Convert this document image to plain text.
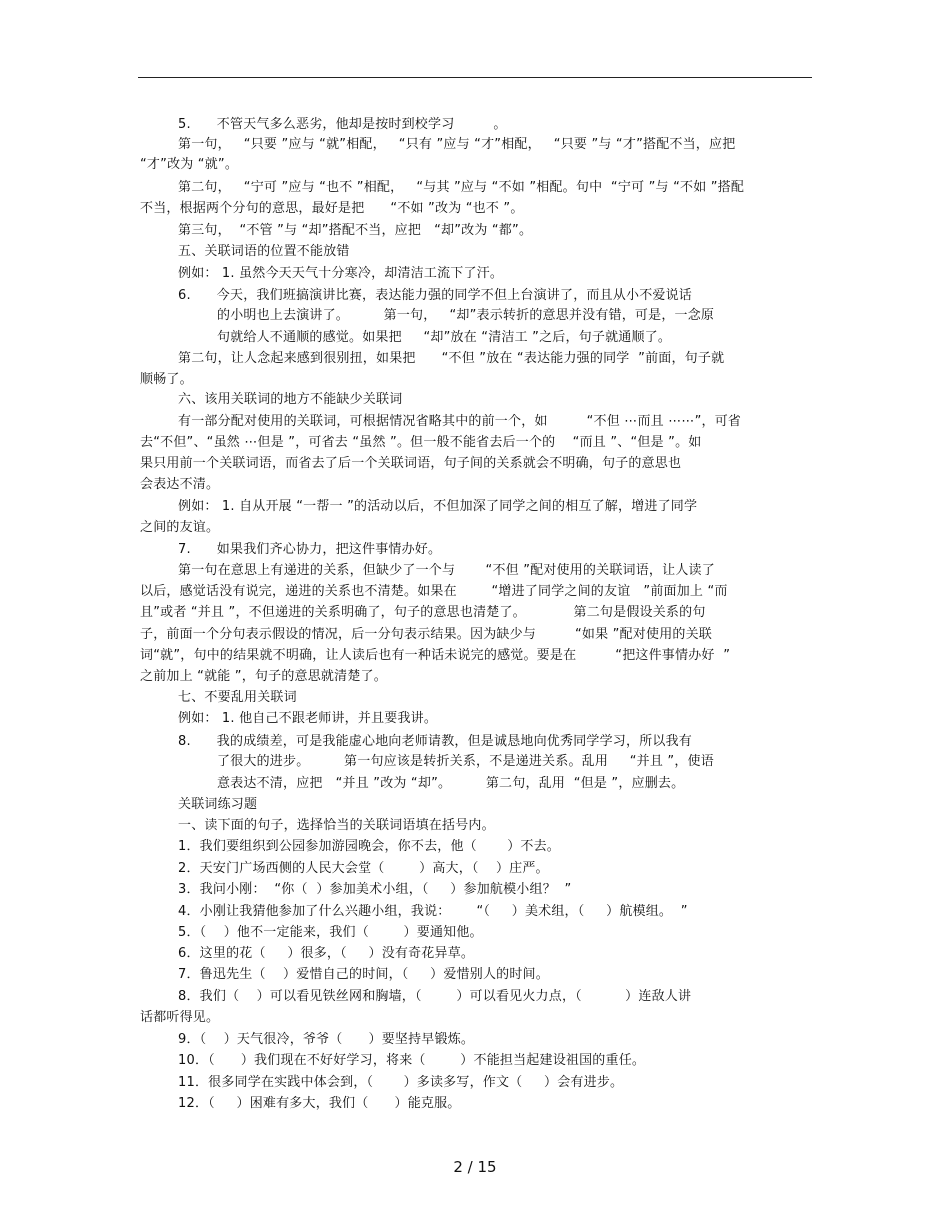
5.      不管天气多么恶劣，他却是按时到校学习         。
第一句，   “只要 ”应与 “就”相配，   “只有 ”应与 “才”相配，   “只要 ”与 “才”搭配不当，应把
“才”改为 “就”。
第二句，   “宁可 ”应与 “也不 ”相配，   “与其 ”应与 “不如 ”相配。句中  “宁可 ”与 “不如 ”搭配
不当，根据两个分句的意思，最好是把      “不如 ”改为 “也不 ”。
第三句，  “不管 ”与 “却”搭配不当，应把   “却”改为 “都”。
五、关联词语的位置不能放错
例如： 1. 虽然今天天气十分寒冷，却清洁工流下了汗。
6.      今天，我们班搞演讲比赛，表达能力强的同学不但上台演讲了，而且从小不爱说话
的小明也上去演讲了。        第一句，   “却”表示转折的意思并没有错，可是，一念原
句就给人不通顺的感觉。如果把     “却”放在 “清洁工 ”之后，句子就通顺了。
第二句，让人念起来感到很别扭，如果把      “不但 ”放在 “表达能力强的同学  ”前面，句子就
顺畅了。
六、该用关联词的地方不能缺少关联词
有一部分配对使用的关联词，可根据情况省略其中的前一个，如         “不但 ⋯而且 ⋯⋯”，可省
去“不但”、“虽然 ⋯但是 ”，可省去 “虽然 ”。但一般不能省去后一个的    “而且 ”、“但是 ”。如
果只用前一个关联词语，而省去了后一个关联词语，句子间的关系就会不明确，句子的意思也
会表达不清。
例如： 1. 自从开展 “一帮一 ”的活动以后，不但加深了同学之间的相互了解，增进了同学
之间的友谊。
7.      如果我们齐心协力，把这件事情办好。
第一句在意思上有递进的关系，但缺少了一个与       “不但 ”配对使用的关联词语，让人读了
以后，感觉话没有说完，递进的关系也不清楚。如果在        “增进了同学之间的友谊   ”前面加上 “而
且”或者 “并且 ”，不但递进的关系明确了，句子的意思也清楚了。           第二句是假设关系的句
子，前面一个分句表示假设的情况，后一分句表示结果。因为缺少与         “如果 ”配对使用的关联
词“就”，句中的结果就不明确，让人读后也有一种话未说完的感觉。要是在         “把这件事情办好  ”
之前加上 “就能 ”，句子的意思就清楚了。
七、不要乱用关联词
例如： 1. 他自己不跟老师讲，并且要我讲。
8.      我的成绩差，可是我能虚心地向老师请教，但是诚恳地向优秀同学学习，所以我有
了很大的进步。        第一句应该是转折关系，不是递进关系。乱用     “并且 ”，使语
意表达不清，应把   “并且 ”改为 “却”。        第二句，乱用  “但是 ”，应删去。
关联词练习题
一、读下面的句子，选择恰当的关联词语填在括号内。
1．我们要组织到公园参加游园晚会，你不去，他（       ）不去。
2．天安门广场西侧的人民大会堂（        ）高大，（    ）庄严。
3．我问小刚：  “你（  ）参加美术小组，（     ）参加航模小组？  ”
4．小刚让我猜他参加了什么兴趣小组，我说：      “（     ）美术组，（     ）航模组。  ”
5．（    ）他不一定能来，我们（        ）要通知他。
6．这里的花（     ）很多，（     ）没有奇花异草。
7．鲁迅先生（    ）爱惜自己的时间，（     ）爱惜别人的时间。
8．我们（    ）可以看见铁丝网和胸墙，（        ）可以看见火力点，（          ）连敌人讲
话都听得见。
9．（    ）天气很冷，爷爷（      ）要坚持早锻炼。
10．（      ）我们现在不好好学习，将来（        ）不能担当起建设祖国的重任。
11．很多同学在实践中体会到，（       ）多读多写，作文（     ）会有进步。
12．（     ）困难有多大，我们（      ）能克服。
2 / 15
